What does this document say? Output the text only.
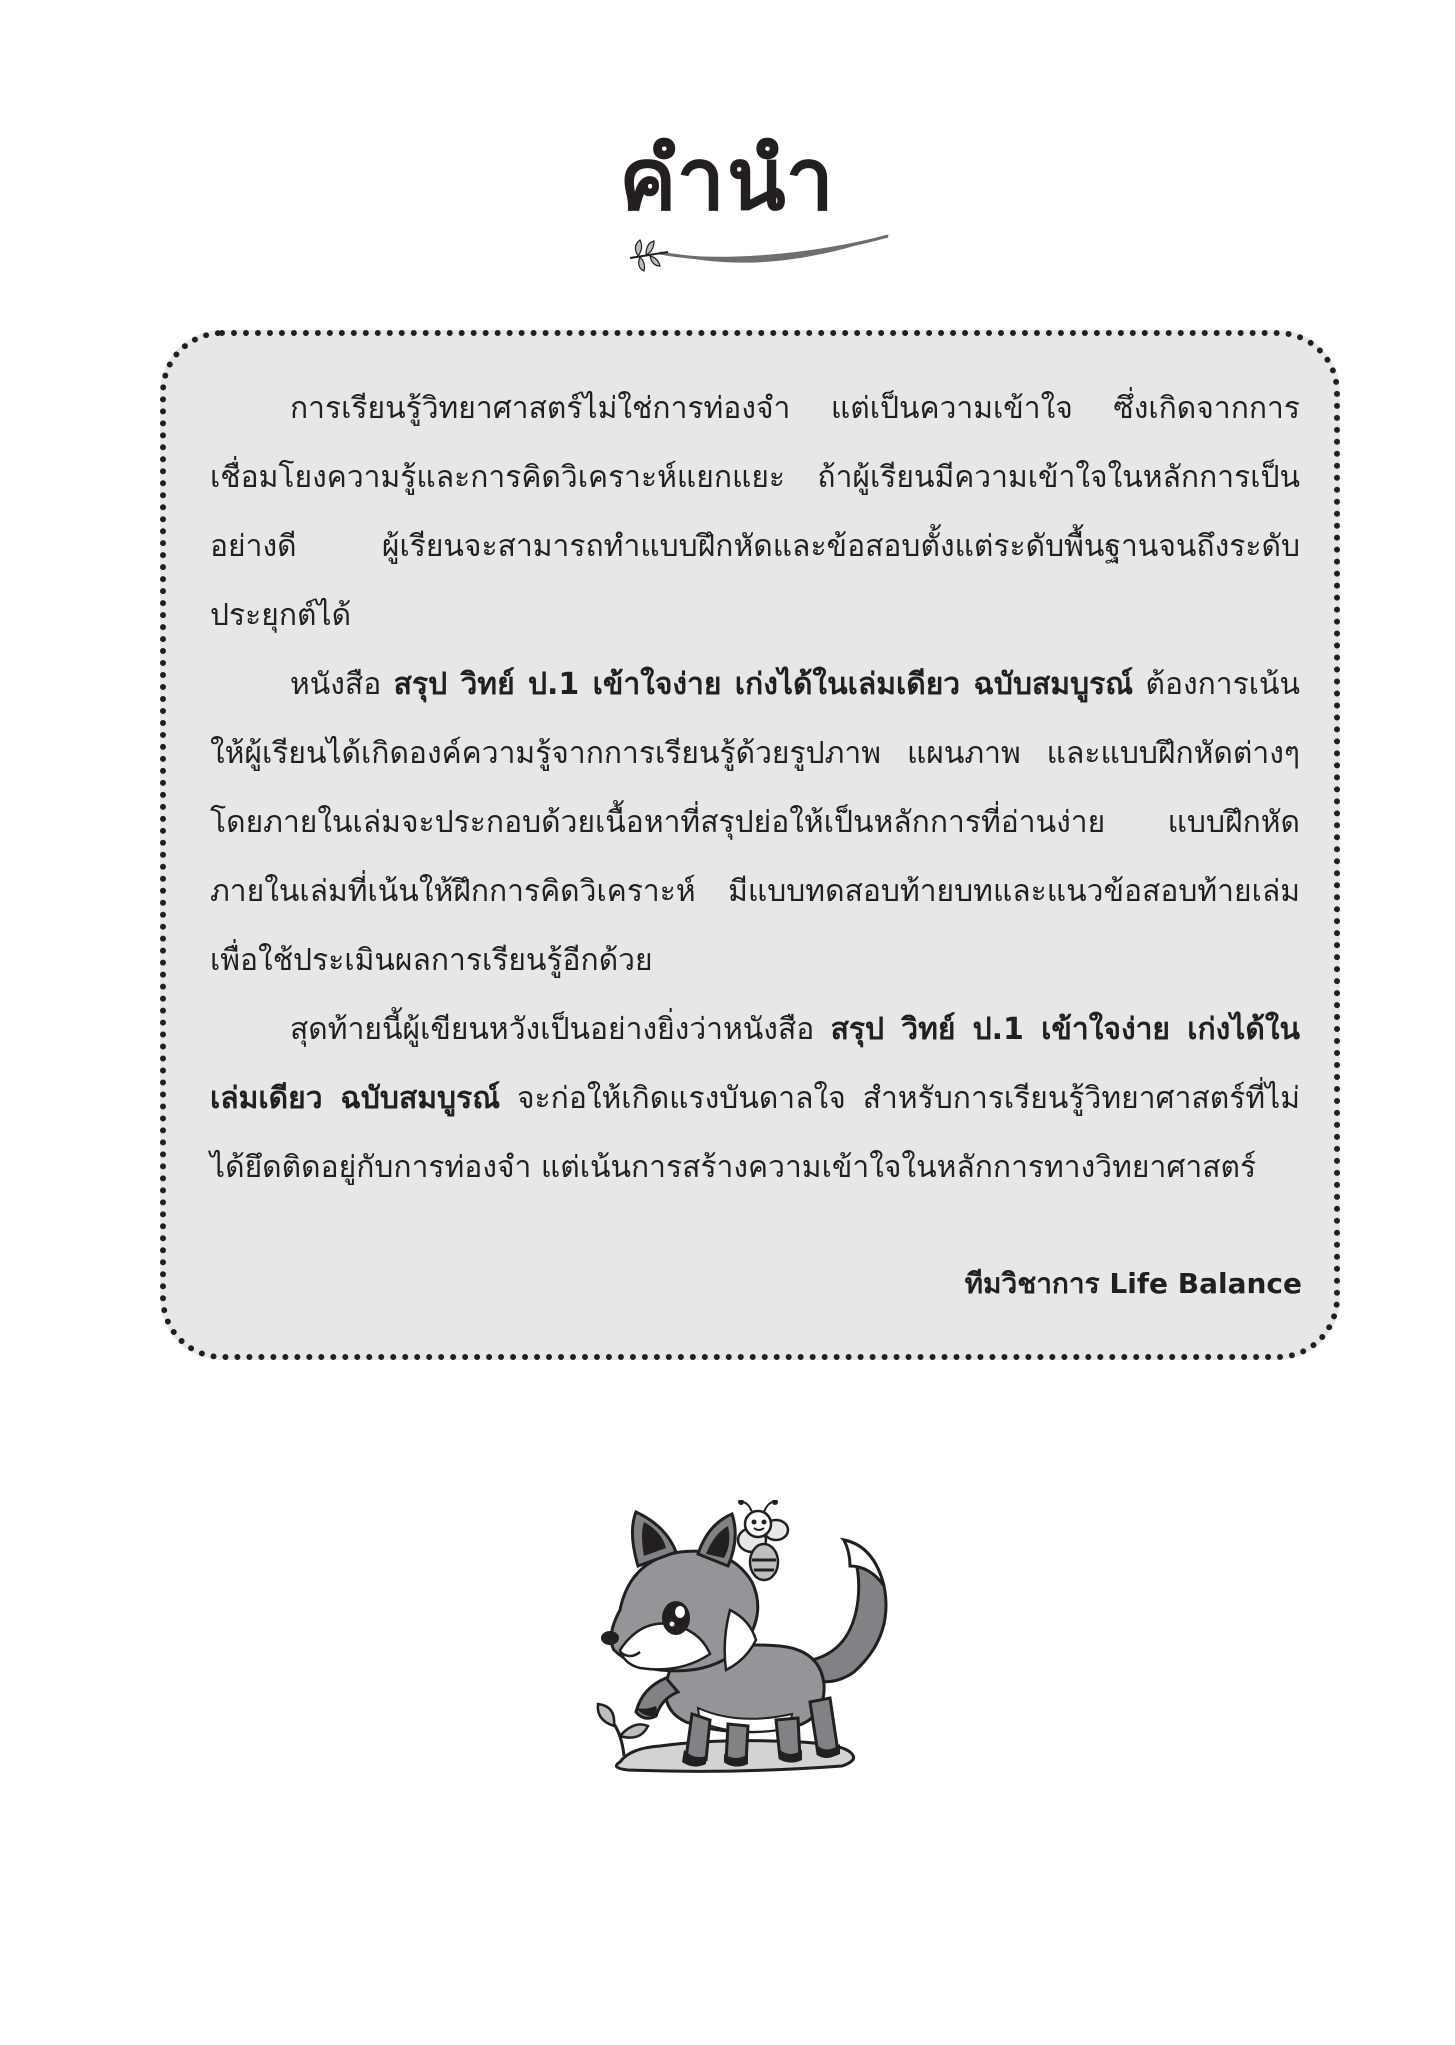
คำนำ

การเรียนรู้วิทยาศาสตร์ไม่ใช่การท่องจำ แต่เป็นความเข้าใจ ซึ่งเกิดจากการเชื่อมโยงความรู้และการคิดวิเคราะห์แยกแยะ ถ้าผู้เรียนมีความเข้าใจในหลักการเป็นอย่างดี ผู้เรียนจะสามารถทำแบบฝึกหัดและข้อสอบตั้งแต่ระดับพื้นฐานจนถึงระดับประยุกต์ได้

หนังสือ สรุป วิทย์ ป.1 เข้าใจง่าย เก่งได้ในเล่มเดียว ฉบับสมบูรณ์ ต้องการเน้นให้ผู้เรียนได้เกิดองค์ความรู้จากการเรียนรู้ด้วยรูปภาพ แผนภาพ และแบบฝึกหัดต่างๆ โดยภายในเล่มจะประกอบด้วยเนื้อหาที่สรุปย่อให้เป็นหลักการที่อ่านง่าย แบบฝึกหัดภายในเล่มที่เน้นให้ฝึกการคิดวิเคราะห์ มีแบบทดสอบท้ายบทและแนวข้อสอบท้ายเล่ม เพื่อใช้ประเมินผลการเรียนรู้อีกด้วย

สุดท้ายนี้ผู้เขียนหวังเป็นอย่างยิ่งว่าหนังสือ สรุป วิทย์ ป.1 เข้าใจง่าย เก่งได้ในเล่มเดียว ฉบับสมบูรณ์ จะก่อให้เกิดแรงบันดาลใจ สำหรับการเรียนรู้วิทยาศาสตร์ที่ไม่ได้ยึดติดอยู่กับการท่องจำ แต่เน้นการสร้างความเข้าใจในหลักการทางวิทยาศาสตร์

ทีมวิชาการ Life Balance
